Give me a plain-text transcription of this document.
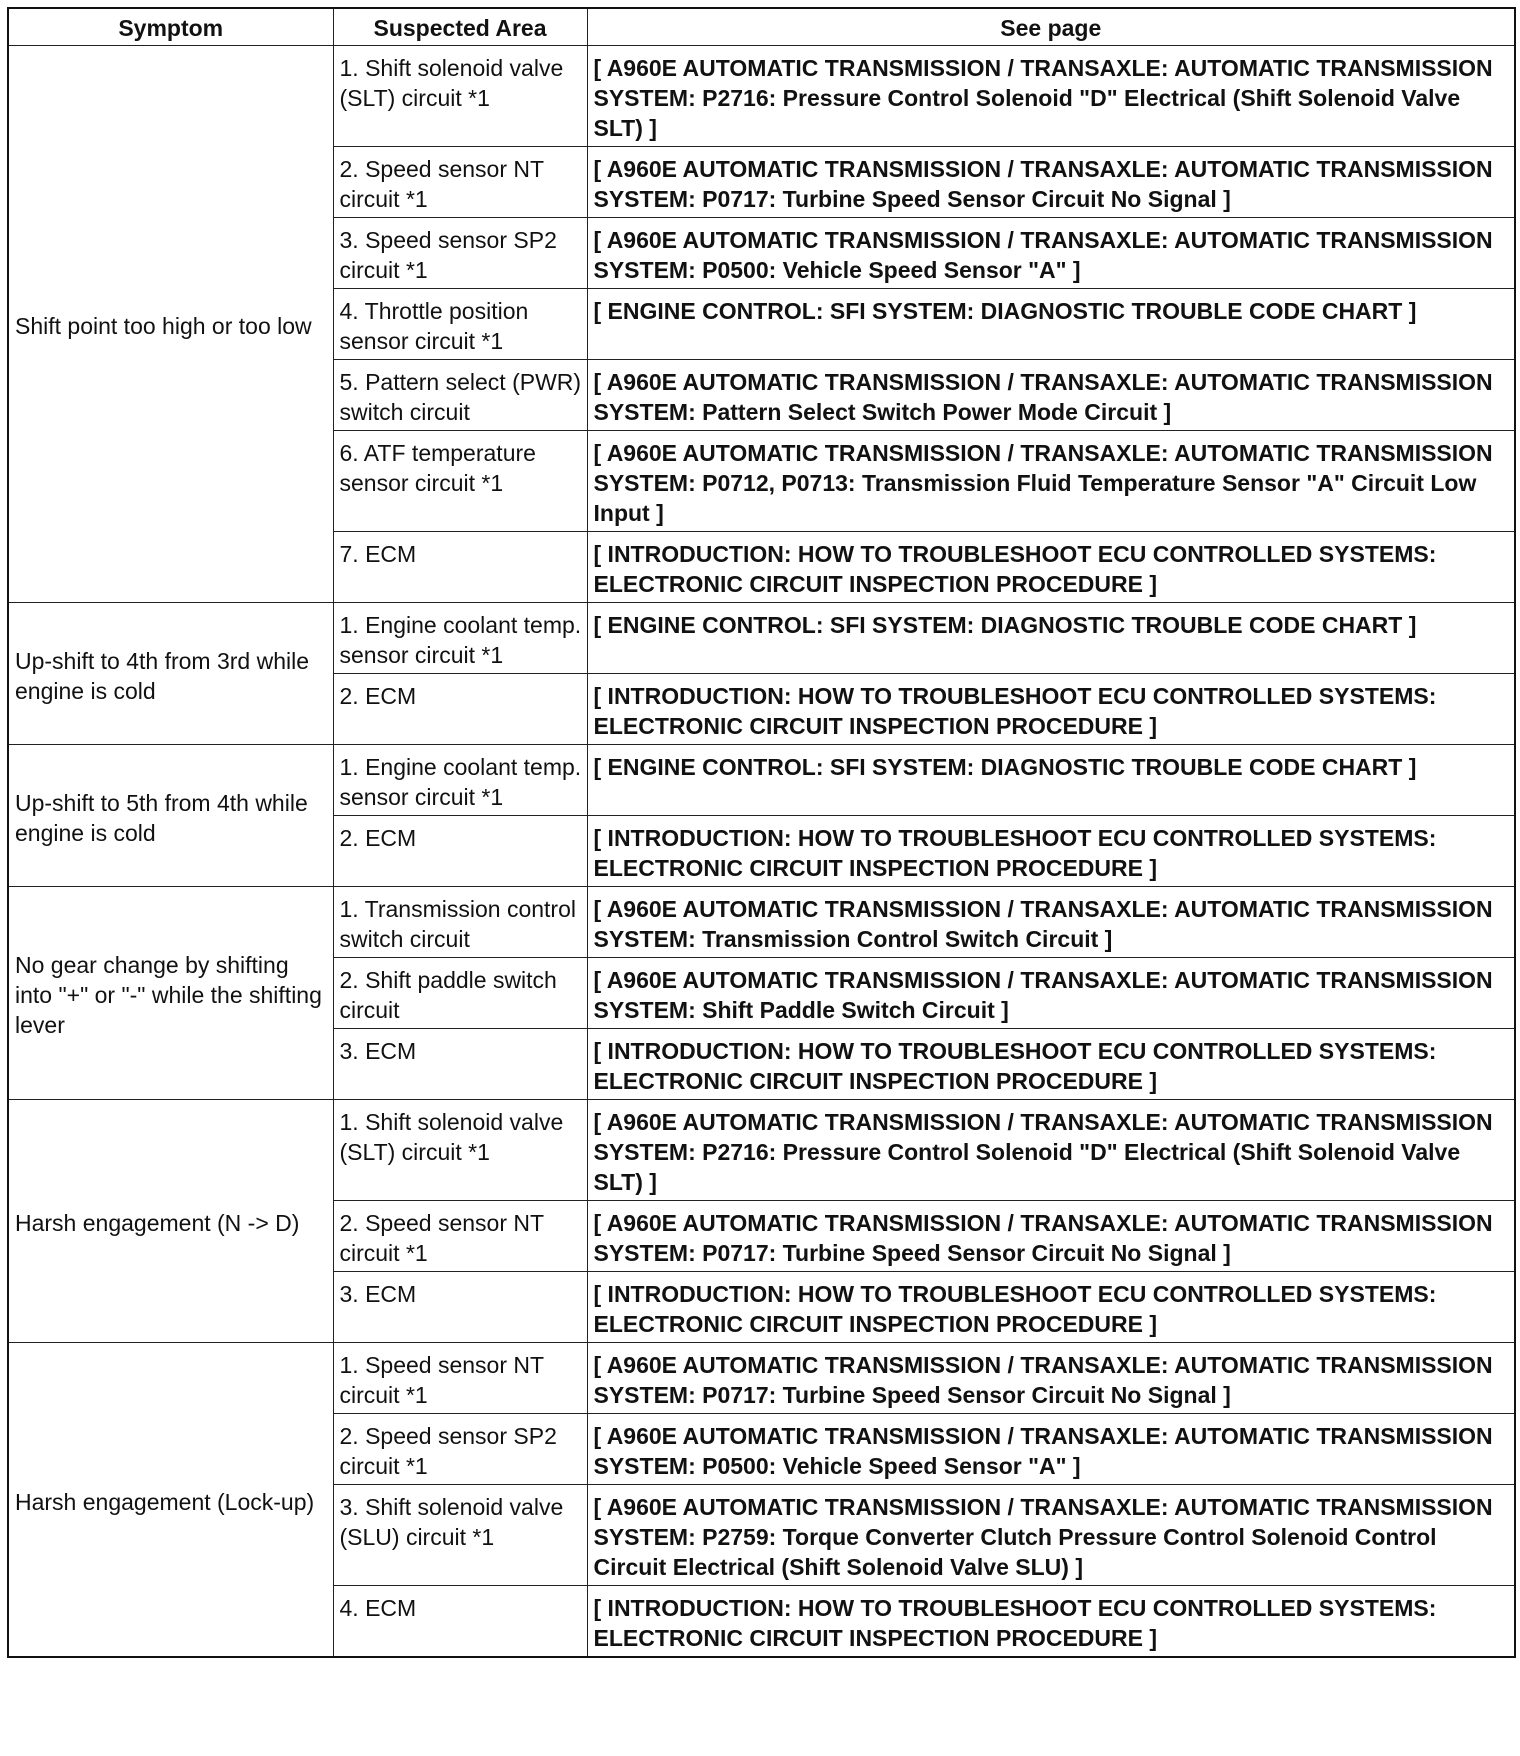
Symptom	Suspected Area	See page
Shift point too high or too low	1. Shift solenoid valve (SLT) circuit *1	[ A960E AUTOMATIC TRANSMISSION / TRANSAXLE: AUTOMATIC TRANSMISSION SYSTEM: P2716: Pressure Control Solenoid "D" Electrical (Shift Solenoid Valve SLT) ]
	2. Speed sensor NT circuit *1	[ A960E AUTOMATIC TRANSMISSION / TRANSAXLE: AUTOMATIC TRANSMISSION SYSTEM: P0717: Turbine Speed Sensor Circuit No Signal ]
	3. Speed sensor SP2 circuit *1	[ A960E AUTOMATIC TRANSMISSION / TRANSAXLE: AUTOMATIC TRANSMISSION SYSTEM: P0500: Vehicle Speed Sensor "A" ]
	4. Throttle position sensor circuit *1	[ ENGINE CONTROL: SFI SYSTEM: DIAGNOSTIC TROUBLE CODE CHART ]
	5. Pattern select (PWR) switch circuit	[ A960E AUTOMATIC TRANSMISSION / TRANSAXLE: AUTOMATIC TRANSMISSION SYSTEM: Pattern Select Switch Power Mode Circuit ]
	6. ATF temperature sensor circuit *1	[ A960E AUTOMATIC TRANSMISSION / TRANSAXLE: AUTOMATIC TRANSMISSION SYSTEM: P0712, P0713: Transmission Fluid Temperature Sensor "A" Circuit Low Input ]
	7. ECM	[ INTRODUCTION: HOW TO TROUBLESHOOT ECU CONTROLLED SYSTEMS: ELECTRONIC CIRCUIT INSPECTION PROCEDURE ]
Up-shift to 4th from 3rd while engine is cold	1. Engine coolant temp. sensor circuit *1	[ ENGINE CONTROL: SFI SYSTEM: DIAGNOSTIC TROUBLE CODE CHART ]
	2. ECM	[ INTRODUCTION: HOW TO TROUBLESHOOT ECU CONTROLLED SYSTEMS: ELECTRONIC CIRCUIT INSPECTION PROCEDURE ]
Up-shift to 5th from 4th while engine is cold	1. Engine coolant temp. sensor circuit *1	[ ENGINE CONTROL: SFI SYSTEM: DIAGNOSTIC TROUBLE CODE CHART ]
	2. ECM	[ INTRODUCTION: HOW TO TROUBLESHOOT ECU CONTROLLED SYSTEMS: ELECTRONIC CIRCUIT INSPECTION PROCEDURE ]
No gear change by shifting into "+" or "-" while the shifting lever	1. Transmission control switch circuit	[ A960E AUTOMATIC TRANSMISSION / TRANSAXLE: AUTOMATIC TRANSMISSION SYSTEM: Transmission Control Switch Circuit ]
	2. Shift paddle switch circuit	[ A960E AUTOMATIC TRANSMISSION / TRANSAXLE: AUTOMATIC TRANSMISSION SYSTEM: Shift Paddle Switch Circuit ]
	3. ECM	[ INTRODUCTION: HOW TO TROUBLESHOOT ECU CONTROLLED SYSTEMS: ELECTRONIC CIRCUIT INSPECTION PROCEDURE ]
Harsh engagement (N -> D)	1. Shift solenoid valve (SLT) circuit *1	[ A960E AUTOMATIC TRANSMISSION / TRANSAXLE: AUTOMATIC TRANSMISSION SYSTEM: P2716: Pressure Control Solenoid "D" Electrical (Shift Solenoid Valve SLT) ]
	2. Speed sensor NT circuit *1	[ A960E AUTOMATIC TRANSMISSION / TRANSAXLE: AUTOMATIC TRANSMISSION SYSTEM: P0717: Turbine Speed Sensor Circuit No Signal ]
	3. ECM	[ INTRODUCTION: HOW TO TROUBLESHOOT ECU CONTROLLED SYSTEMS: ELECTRONIC CIRCUIT INSPECTION PROCEDURE ]
Harsh engagement (Lock-up)	1. Speed sensor NT circuit *1	[ A960E AUTOMATIC TRANSMISSION / TRANSAXLE: AUTOMATIC TRANSMISSION SYSTEM: P0717: Turbine Speed Sensor Circuit No Signal ]
	2. Speed sensor SP2 circuit *1	[ A960E AUTOMATIC TRANSMISSION / TRANSAXLE: AUTOMATIC TRANSMISSION SYSTEM: P0500: Vehicle Speed Sensor "A" ]
	3. Shift solenoid valve (SLU) circuit *1	[ A960E AUTOMATIC TRANSMISSION / TRANSAXLE: AUTOMATIC TRANSMISSION SYSTEM: P2759: Torque Converter Clutch Pressure Control Solenoid Control Circuit Electrical (Shift Solenoid Valve SLU) ]
	4. ECM	[ INTRODUCTION: HOW TO TROUBLESHOOT ECU CONTROLLED SYSTEMS: ELECTRONIC CIRCUIT INSPECTION PROCEDURE ]
